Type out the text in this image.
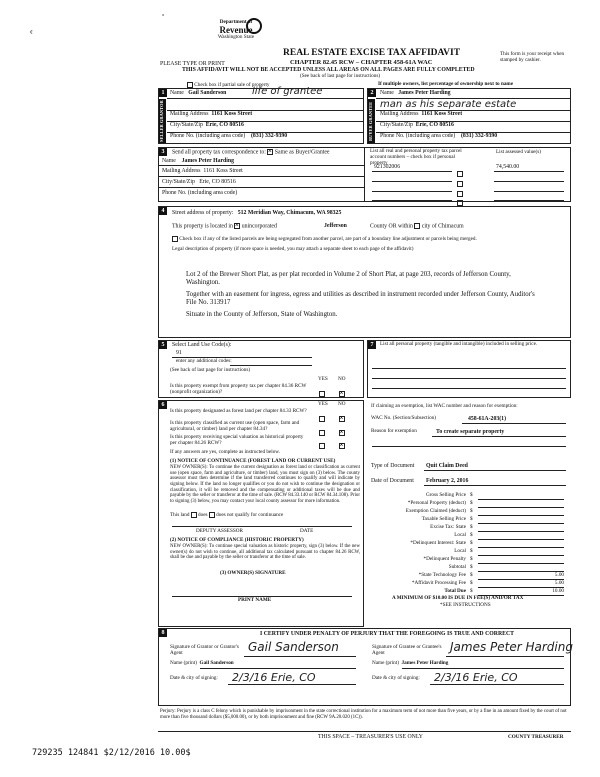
¢
°
Department of
Revenue
Washington State
REAL ESTATE EXCISE TAX AFFIDAVIT
CHAPTER 82.45 RCW – CHAPTER 458-61A WAC
THIS AFFIDAVIT WILL NOT BE ACCEPTED UNLESS ALL AREAS ON ALL PAGES ARE FULLY COMPLETED
(See back of last page for instructions)
PLEASE TYPE OR PRINT
This form is your receipt when stamped by cashier.
Check box if partial sale of property
1
SELLER GRANTOR
Name Gail Sanderson	life of grantee
Mailing Address 1161 Koss Street
City/State/Zip Erie, CO 80516
Phone No. (including area code) (831) 332-9390
If multiple owners, list percentage of ownership next to name
2
BUYER GRANTEE
Name James Peter Harding
man as his separate estate
Mailing Address 1161 Koss Street
City/State/Zip Erie, CO 80516
Phone No. (including area code) (831) 332-9390
3	Send all property tax correspondence to: × Same as Buyer/Grantee
Name James Peter Harding
Mailing Address 1161 Koss Street
City/State/Zip Erie, CO 80516
Phone No. (including area code)
List all real and personal property tax parcel account numbers – check box if personal property
List assessed value(s)
921302006	74,540.00
4	Street address of property: 512 Meridian Way, Chimacum, WA 98325
This property is located in × unincorporated	Jefferson	County OR within city of Chimacum
Check box if any of the listed parcels are being segregated from another parcel, are part of a boundary line adjustment or parcels being merged.
Legal description of property (if more space is needed, you may attach a separate sheet to each page of the affidavit)

Lot 2 of the Brewer Short Plat, as per plat recorded in Volume 2 of Short Plat, at page 203, records of Jefferson County, Washington.

Together with an easement for ingress, egress and utilities as described in instrument recorded under Jefferson County, Auditor's File No. 313917

Situate in the County of Jefferson, State of Washington.

5	Select Land Use Code(s):
91
enter any additional codes:
(See back of last page for instructions)
YES NO
Is this property exempt from property tax per chapter 84.36 RCW (nonprofit organization)?
×
6	YES NO
Is this property designated as forest land per chapter 84.33 RCW?
×
Is this property classified as current use (open space, farm and agricultural, or timber) land per chapter 84.34?
×
Is this property receiving special valuation as historical property per chapter 84.26 RCW?
×
If any answers are yes, complete as instructed below.
(1) NOTICE OF CONTINUANCE (FOREST LAND OR CURRENT USE)
NEW OWNER(S): To continue the current designation as forest land or classification as current use (open space, farm and agriculture, or timber) land, you must sign on (3) below. The county assessor must then determine if the land transferred continues to qualify and will indicate by signing below. If the land no longer qualifies or you do not wish to continue the designation or classification, it will be removed and the compensating or additional taxes will be due and payable by the seller or transferor at the time of sale. (RCW 84.33.140 or RCW 84.34.108). Prior to signing (3) below, you may contact your local county assessor for more information.
This land does does not qualify for continuance
DEPUTY ASSESSOR	DATE
(2) NOTICE OF COMPLIANCE (HISTORIC PROPERTY)
NEW OWNER(S): To continue special valuation as historic property, sign (3) below. If the new owner(s) do not wish to continue, all additional tax calculated pursuant to chapter 84.26 RCW, shall be due and payable by the seller or transferor at the time of sale.
(3) OWNER(S) SIGNATURE
PRINT NAME
7	List all personal property (tangible and intangible) included in selling price.
If claiming an exemption, list WAC number and reason for exemption:
WAC No. (Section/Subsection)	458-61A-203(1)
Reason for exemption	To create separate property
Type of Document Quit Claim Deed
Date of Document February 2, 2016
Gross Selling Price $
*Personal Property (deduct) $
Exemption Claimed (deduct) $
Taxable Selling Price $
Excise Tax: State $
Local $
*Delinquent Interest: State $
Local $
*Delinquent Penalty $
Subtotal $
*State Technology Fee $	5.00
*Affidavit Processing Fee $	5.00
Total Due $	10.00
A MINIMUM OF $10.00 IS DUE IN FEE(S) AND/OR TAX
*SEE INSTRUCTIONS
8	I CERTIFY UNDER PENALTY OF PERJURY THAT THE FOREGOING IS TRUE AND CORRECT
Signature of Grantor or Grantor's Agent	Gail Sanderson
Name (print) Gail Sanderson
Date & city of signing: 2/3/16 Erie, CO
Signature of Grantee or Grantee's Agent	James Peter Harding
Name (print) James Peter Harding
Date & city of signing: 2/3/16 Erie, CO
Perjury: Perjury is a class C felony which is punishable by imprisonment in the state correctional institution for a maximum term of not more than five years, or by a fine in an amount fixed by the court of not more than five thousand dollars ($5,000.00), or by both imprisonment and fine (RCW 9A.20.020 (1C)).
729235 124841 $2/12/2016 10.00$
THIS SPACE – TREASURER'S USE ONLY	COUNTY TREASURER
